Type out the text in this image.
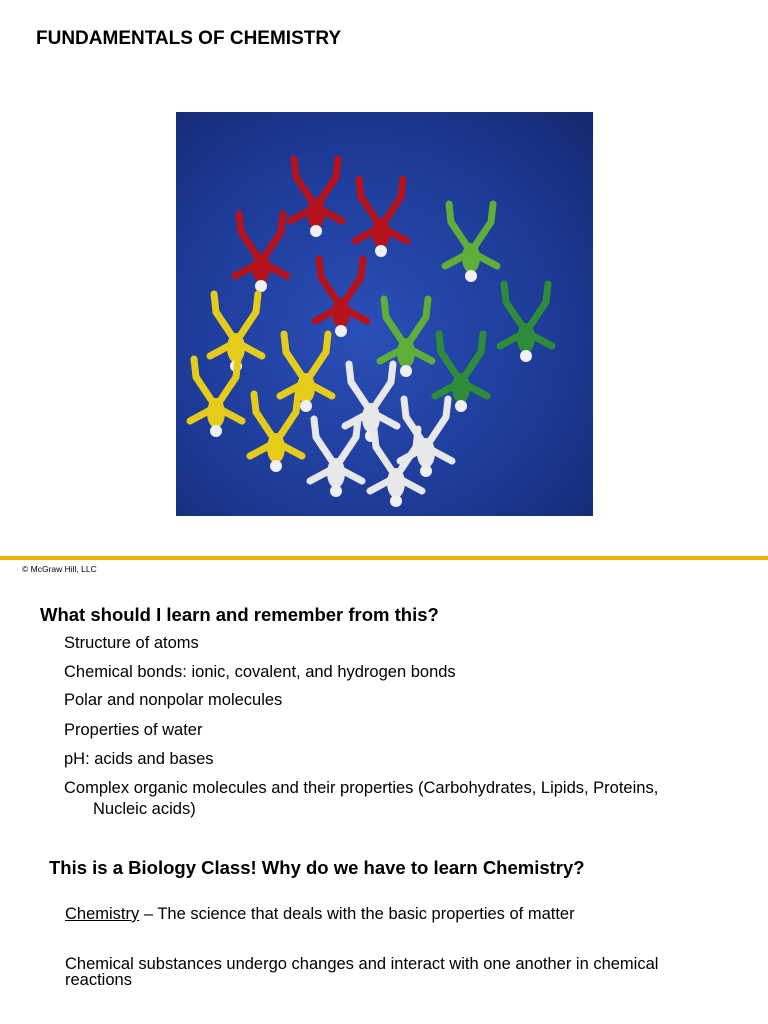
FUNDAMENTALS OF CHEMISTRY
© McGraw Hill, LLC
What should I learn and remember from this?
Structure of atoms
Chemical bonds: ionic, covalent, and hydrogen bonds
Polar and nonpolar molecules
Properties of water
pH: acids and bases
Complex organic molecules and their properties (Carbohydrates, Lipids, Proteins,
Nucleic acids)
This is a Biology Class! Why do we have to learn Chemistry?
Chemistry – The science that deals with the basic properties of matter
Chemical substances undergo changes and interact with one another in chemical reactions
